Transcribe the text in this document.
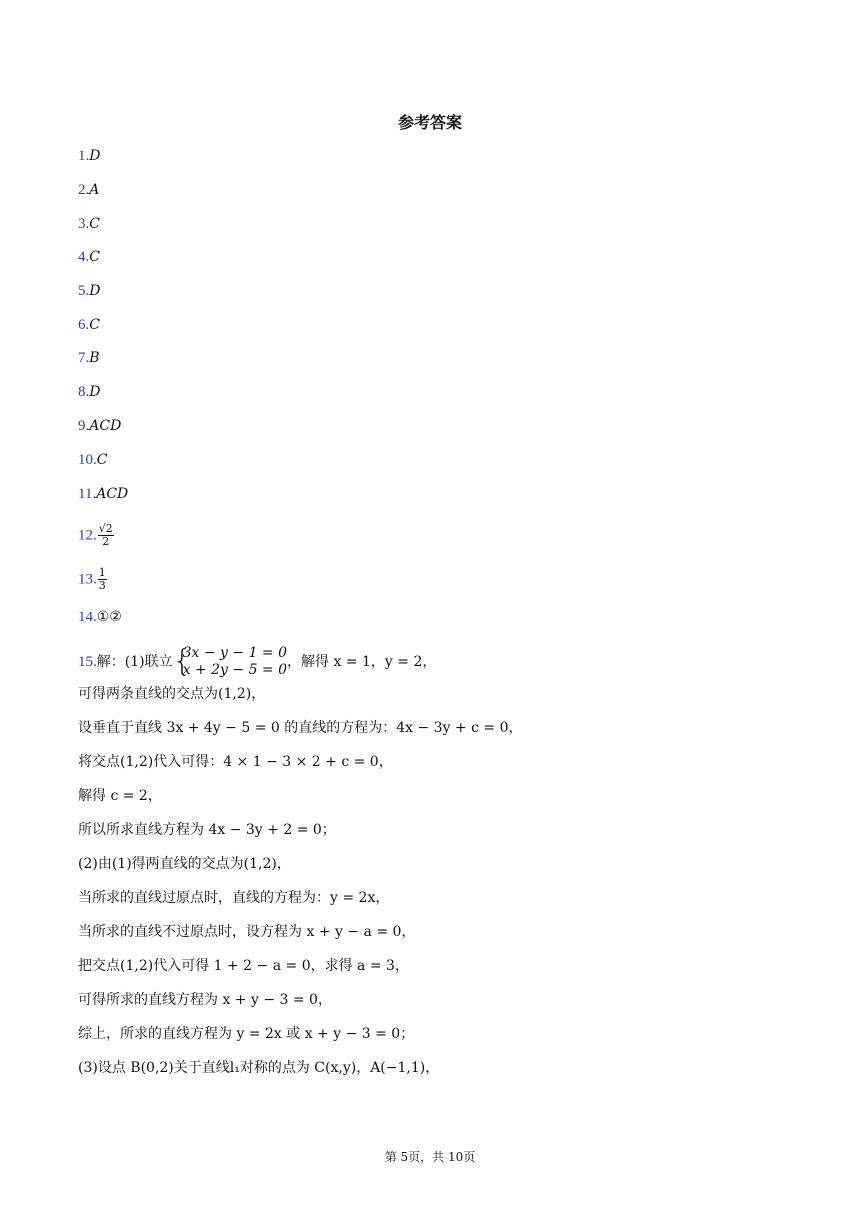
参考答案
1.D
2.A
3.C
4.C
5.D
6.C
7.B
8.D
9.ACD
10.C
11.ACD
12. $\frac{√2}{2}$
13. $\frac{1}{3}$
14.①②
15.解：(1)联立 {
3x − y − 1 = 0
x + 2y − 5 = 0 ，解得 x = 1，y = 2，
可得两条直线的交点为(1,2)，
设垂直于直线 3x + 4y − 5 = 0 的直线的方程为：4x − 3y + c = 0，
将交点(1,2)代入可得：4 × 1 − 3 × 2 + c = 0，
解得 c = 2，
所以所求直线方程为 4x − 3y + 2 = 0；
(2)由(1)得两直线的交点为(1,2)，
当所求的直线过原点时，直线的方程为：y = 2x，
当所求的直线不过原点时，设方程为 x + y − a = 0，
把交点(1,2)代入可得 1 + 2 − a = 0，求得 a = 3，
可得所求的直线方程为 x + y − 3 = 0，
综上，所求的直线方程为 y = 2x 或 x + y − 3 = 0；
(3)设点 B(0,2)关于直线l₁对称的点为 C(x,y)，A(−1,1)，
第 5页，共 10页
